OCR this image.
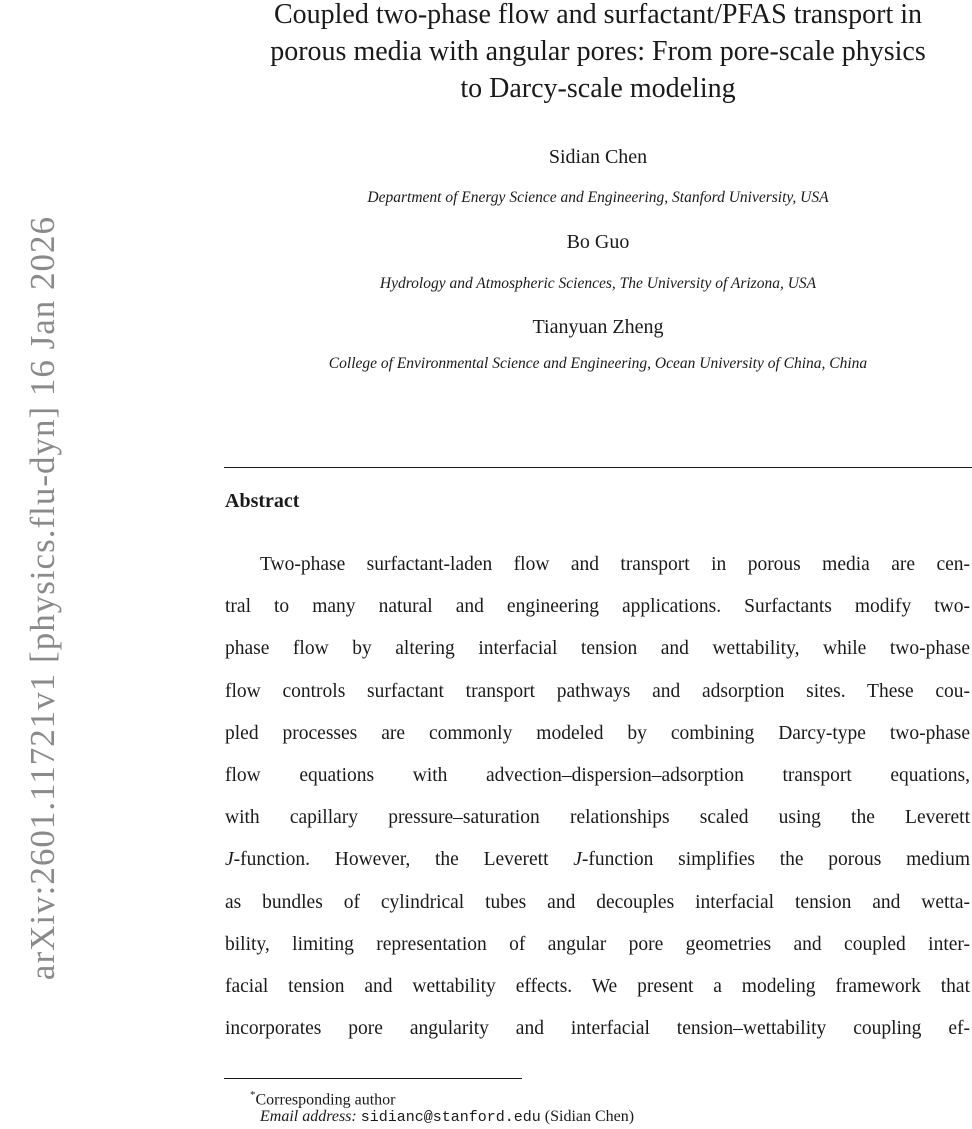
arXiv:2601.11721v1 [physics.flu-dyn] 16 Jan 2026
Coupled two-phase flow and surfactant/PFAS transport in
porous media with angular pores: From pore-scale physics
to Darcy-scale modeling
Sidian Chen
Department of Energy Science and Engineering, Stanford University, USA
Bo Guo
Hydrology and Atmospheric Sciences, The University of Arizona, USA
Tianyuan Zheng
College of Environmental Science and Engineering, Ocean University of China, China
Abstract
Two-phase surfactant-laden flow and transport in porous media are cen-
tral to many natural and engineering applications. Surfactants modify two-
phase flow by altering interfacial tension and wettability, while two-phase
flow controls surfactant transport pathways and adsorption sites. These cou-
pled processes are commonly modeled by combining Darcy-type two-phase
flow equations with advection–dispersion–adsorption transport equations,
with capillary pressure–saturation relationships scaled using the Leverett
J-function. However, the Leverett J-function simplifies the porous medium
as bundles of cylindrical tubes and decouples interfacial tension and wetta-
bility, limiting representation of angular pore geometries and coupled inter-
facial tension and wettability effects. We present a modeling framework that
incorporates pore angularity and interfacial tension–wettability coupling ef-
*Corresponding author
Email address: sidianc@stanford.edu (Sidian Chen)
